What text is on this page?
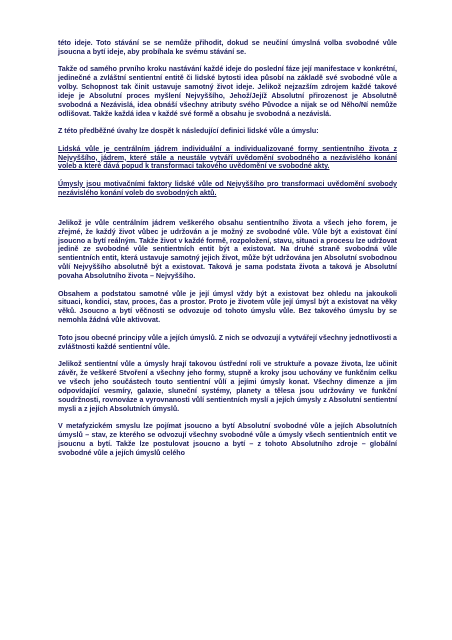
této ideje. Toto stávání se se nemůže přihodit, dokud se neučiní úmyslná volba svobodné vůle jsoucna a bytí ideje, aby probíhala ke svému stávání se.

Takže od samého prvního kroku nastávání každé ideje do poslední fáze její manifestace v konkrétní, jedinečné a zvláštní sentientní entitě či lidské bytosti idea působí na základě své svobodné vůle a volby. Schopnost tak činit ustavuje samotný život ideje. Jelikož nejzazším zdrojem každé takové ideje je Absolutní proces myšlení Nejvyššího, Jehož/Jejíž Absolutní přirozenost je Absolutně svobodná a Nezávislá, idea obnáší všechny atributy svého Původce a nijak se od Něho/Ní nemůže odlišovat. Takže každá idea v každé své formě a obsahu je svobodná a nezávislá.

Z této předběžné úvahy lze dospět k následující definici lidské vůle a úmyslu:

Lidská vůle je centrálním jádrem individuální a individualizované formy sentientního života z Nejvyššího, jádrem, které stále a neustále vytváří uvědomění svobodného a nezávislého konání voleb a které dává popud k transformaci takového uvědomění ve svobodné akty.

Úmysly jsou motivačními faktory lidské vůle od Nejvyššího pro transformaci uvědomění svobody nezávislého konání voleb do svobodných aktů.

Jelikož je vůle centrálním jádrem veškerého obsahu sentientního života a všech jeho forem, je zřejmé, že každý život vůbec je udržován a je možný ze svobodné vůle. Vůle být a existovat činí jsoucno a bytí reálným. Takže život v každé formě, rozpoložení, stavu, situaci a procesu lze udržovat jedině ze svobodné vůle sentientních entit být a existovat. Na druhé straně svobodná vůle sentientních entit, která ustavuje samotný jejich život, může být udržována jen Absolutní svobodnou vůlí Nejvyššího absolutně být a existovat. Taková je sama podstata života a taková je Absolutní povaha Absolutního života – Nejvyššího.

Obsahem a podstatou samotné vůle je její úmysl vždy být a existovat bez ohledu na jakoukoli situaci, kondici, stav, proces, čas a prostor. Proto je životem vůle její úmysl být a existovat na věky věků. Jsoucno a bytí věčnosti se odvozuje od tohoto úmyslu vůle. Bez takového úmyslu by se nemohla žádná vůle aktivovat.

Toto jsou obecné principy vůle a jejích úmyslů. Z nich se odvozují a vytvářejí všechny jednotlivosti a zvláštnosti každé sentientní vůle.

Jelikož sentientní vůle a úmysly hrají takovou ústřední roli ve struktuře a povaze života, lze učinit závěr, že veškeré Stvoření a všechny jeho formy, stupně a kroky jsou uchovány ve funkčním celku ve všech jeho součástech touto sentientní vůlí a jejími úmysly konat. Všechny dimenze a jim odpovídající vesmíry, galaxie, sluneční systémy, planety a tělesa jsou udržovány ve funkční soudržnosti, rovnováze a vyrovnanosti vůlí sentientních myslí a jejích úmysly z Absolutní sentientní mysli a z jejích Absolutních úmyslů.

V metafyzickém smyslu lze pojímat jsoucno a bytí Absolutní svobodné vůle a jejích Absolutních úmyslů – stav, ze kterého se odvozují všechny svobodné vůle a úmysly všech sentientních entit ve jsoucnu a bytí. Takže lze postulovat jsoucno a bytí – z tohoto Absolutního zdroje – globální svobodné vůle a jejích úmyslů celého
